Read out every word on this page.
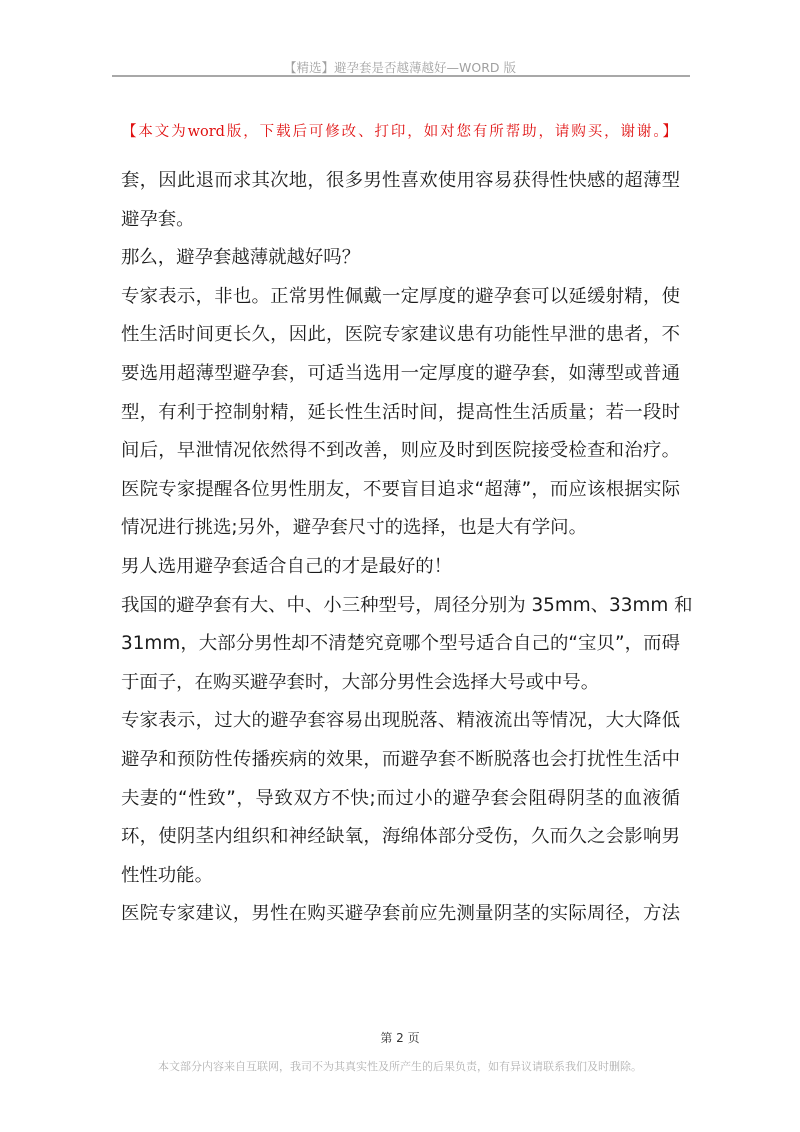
【精选】避孕套是否越薄越好—WORD 版
【本文为word版，下载后可修改、打印，如对您有所帮助，请购买，谢谢。】
套，因此退而求其次地，很多男性喜欢使用容易获得性快感的超薄型
避孕套。
那么，避孕套越薄就越好吗？
专家表示，非也。正常男性佩戴一定厚度的避孕套可以延缓射精，使
性生活时间更长久，因此，医院专家建议患有功能性早泄的患者，不
要选用超薄型避孕套，可适当选用一定厚度的避孕套，如薄型或普通
型，有利于控制射精，延长性生活时间，提高性生活质量；若一段时
间后，早泄情况依然得不到改善，则应及时到医院接受检查和治疗。
医院专家提醒各位男性朋友，不要盲目追求“超薄”，而应该根据实际
情况进行挑选;另外，避孕套尺寸的选择，也是大有学问。
男人选用避孕套适合自己的才是最好的！
我国的避孕套有大、中、小三种型号，周径分别为 35mm、33mm 和
31mm，大部分男性却不清楚究竟哪个型号适合自己的“宝贝”，而碍
于面子，在购买避孕套时，大部分男性会选择大号或中号。
专家表示，过大的避孕套容易出现脱落、精液流出等情况，大大降低
避孕和预防性传播疾病的效果，而避孕套不断脱落也会打扰性生活中
夫妻的“性致”，导致双方不快;而过小的避孕套会阻碍阴茎的血液循
环，使阴茎内组织和神经缺氧，海绵体部分受伤，久而久之会影响男
性性功能。
医院专家建议，男性在购买避孕套前应先测量阴茎的实际周径，方法
第 2 页
本文部分内容来自互联网，我司不为其真实性及所产生的后果负责，如有异议请联系我们及时删除。
